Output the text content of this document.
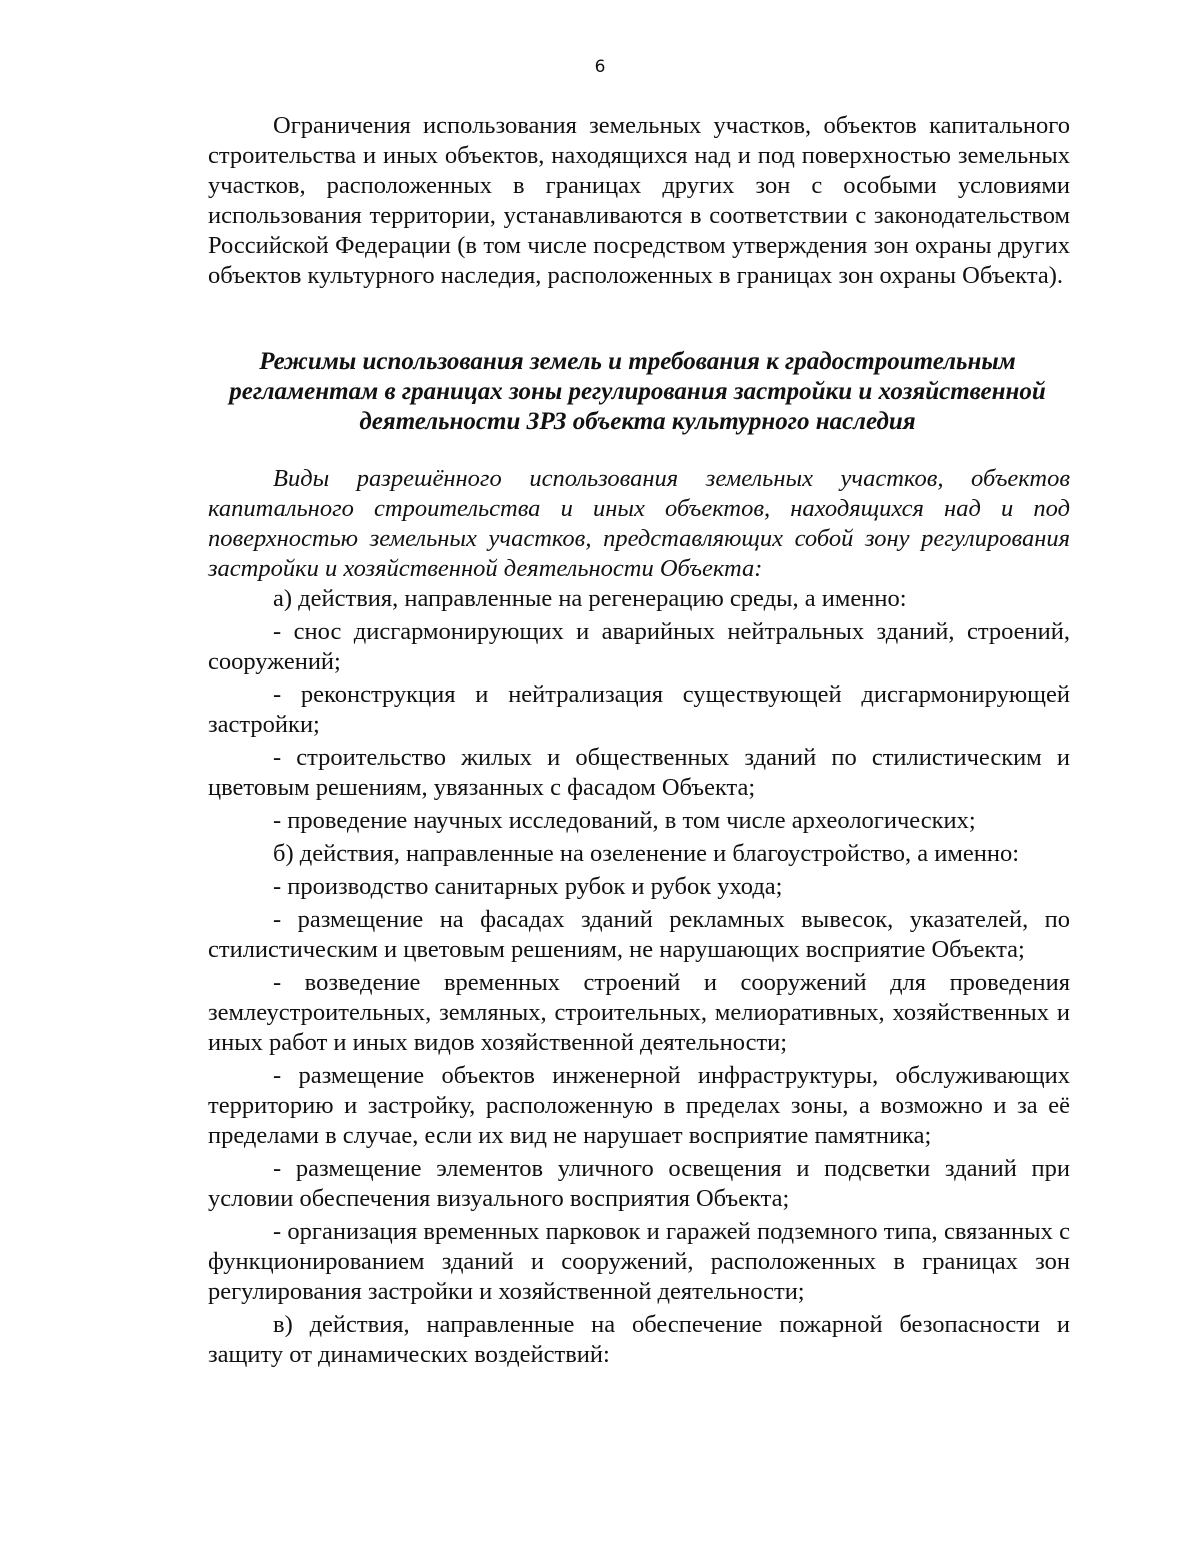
6

Ограничения использования земельных участков, объектов капитального строительства и иных объектов, находящихся над и под поверхностью земельных участков, расположенных в границах других зон с особыми условиями использования территории, устанавливаются в соответствии с законодательством Российской Федерации (в том числе посредством утверждения зон охраны других объектов культурного наследия, расположенных в границах зон охраны Объекта).

Режимы использования земель и требования к градостроительным регламентам в границах зоны регулирования застройки и хозяйственной деятельности ЗРЗ объекта культурного наследия

Виды разрешённого использования земельных участков, объектов капитального строительства и иных объектов, находящихся над и под поверхностью земельных участков, представляющих собой зону регулирования застройки и хозяйственной деятельности Объекта:

а) действия, направленные на регенерацию среды, а именно:

- снос дисгармонирующих и аварийных нейтральных зданий, строений, сооружений;

- реконструкция и нейтрализация существующей дисгармонирующей застройки;

- строительство жилых и общественных зданий по стилистическим и цветовым решениям, увязанных с фасадом Объекта;

- проведение научных исследований, в том числе археологических;

б) действия, направленные на озеленение и благоустройство, а именно:

- производство санитарных рубок и рубок ухода;

- размещение на фасадах зданий рекламных вывесок, указателей, по стилистическим и цветовым решениям, не нарушающих восприятие Объекта;

- возведение временных строений и сооружений для проведения землеустроительных, земляных, строительных, мелиоративных, хозяйственных и иных работ и иных видов хозяйственной деятельности;

- размещение объектов инженерной инфраструктуры, обслуживающих территорию и застройку, расположенную в пределах зоны, а возможно и за её пределами в случае, если их вид не нарушает восприятие памятника;

- размещение элементов уличного освещения и подсветки зданий при условии обеспечения визуального восприятия Объекта;

- организация временных парковок и гаражей подземного типа, связанных с функционированием зданий и сооружений, расположенных в границах зон регулирования застройки и хозяйственной деятельности;

в) действия, направленные на обеспечение пожарной безопасности и защиту от динамических воздействий:
